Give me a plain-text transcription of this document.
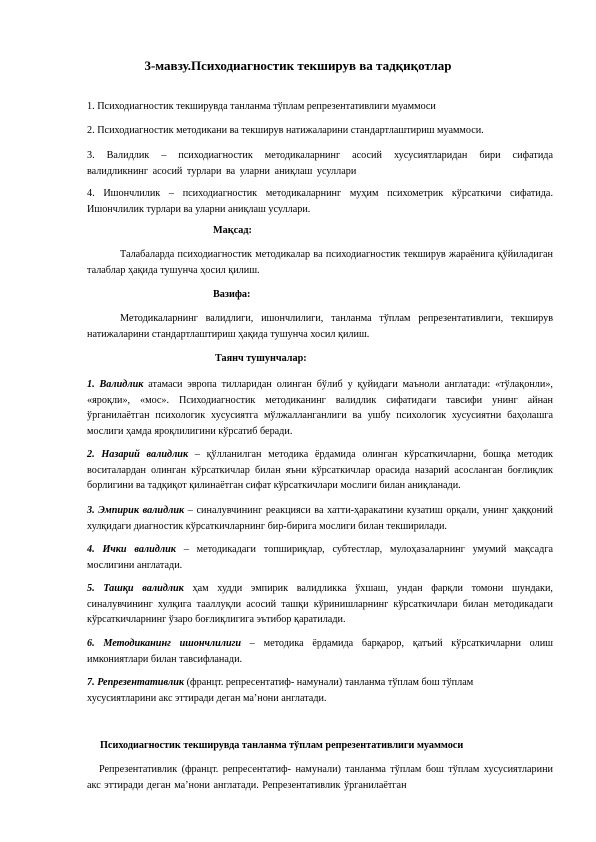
3-мавзу.Психодиагностик текширув ва тадқиқотлар

1. Психодиагностик текширувда танланма тўплам репрезентативлиги муаммоси

2. Психодиагностик методикани ва текширув натижаларини стандартлаштириш муаммоси.

3. Валидлик – психодиагностик методикаларнинг асосий хусусиятларидан бири сифатида валидликнинг асосий турлари ва уларни аниқлаш усуллари

4. Ишончлилик – психодиагностик методикаларнинг муҳим психометрик кўрсаткичи сифатида. Ишончлилик турлари ва уларни аниқлаш усуллари.

Мақсад:

Талабаларда психодиагностик методикалар ва психодиагностик текширув жараёнига қўйиладиган талаблар ҳақида тушунча ҳосил қилиш.

Вазифа:

Методикаларнинг валидлиги, ишончлилиги, танланма тўплам репрезентативлиги, текширув натижаларини стандартлаштириш ҳақида тушунча хосил қилиш.

Таянч тушунчалар:

1. Валидлик атамаси эвропа тилларидан олинган бўлиб у қуйидаги маъноли англатади: «тўлақонли», «яроқли», «мос». Психодиагностик методиканинг валидлик сифатидаги тавсифи унинг айнан ўрганилаётган психологик хусусиятга мўлжалланганлиги ва ушбу психологик хусусиятни баҳолашга мослиги ҳамда яроқлилигини кўрсатиб беради.

2. Назарий валидлик – қўлланилган методика ёрдамида олинган кўрсаткичларни, бошқа методик воситалардан олинган кўрсаткичлар билан яъни кўрсаткичлар орасида назарий асосланган боғлиқлик борлигини ва тадқиқот қилинаётган сифат кўрсаткичлари мослиги билан аниқланади.

3. Эмпирик валидлик – синалувчининг реакцияси ва хатти-ҳаракатини кузатиш орқали, унинг ҳаққоний хулқидаги диагностик кўрсаткичларнинг бир-бирига мослиги билан текширилади.

4. Ички валидлик – методикадаги топшириқлар, субтестлар, мулоҳазаларнинг умумий мақсадга мослигини англатади.

5. Ташқи валидлик ҳам худди эмпирик валидликка ўхшаш, ундан фарқли томони шундаки, синалувчининг хулқига тааллуқли асосий ташқи кўринишларнинг кўрсаткичлари билан методикадаги кўрсаткичларнинг ўзаро боғлиқлигига эътибор қаратилади.

6. Методиканинг ишончлилиги – методика ёрдамида барқарор, қатъий кўрсаткичларни олиш имкониятлари билан тавсифланади.

7. Репрезентативлик (францт. репресентатиф- намунали) танланма тўплам бош тўплам хусусиятларини акс эттиради деган маʼнони англатади.

Психодиагностик текширувда танланма тўплам репрезентативлиги муаммоси

Репрезентативлик (францт. репресентатиф- намунали) танланма тўплам бош тўплам хусусиятларини акс эттиради деган маʼнони англатади. Репрезентативлик ўрганилаётган
